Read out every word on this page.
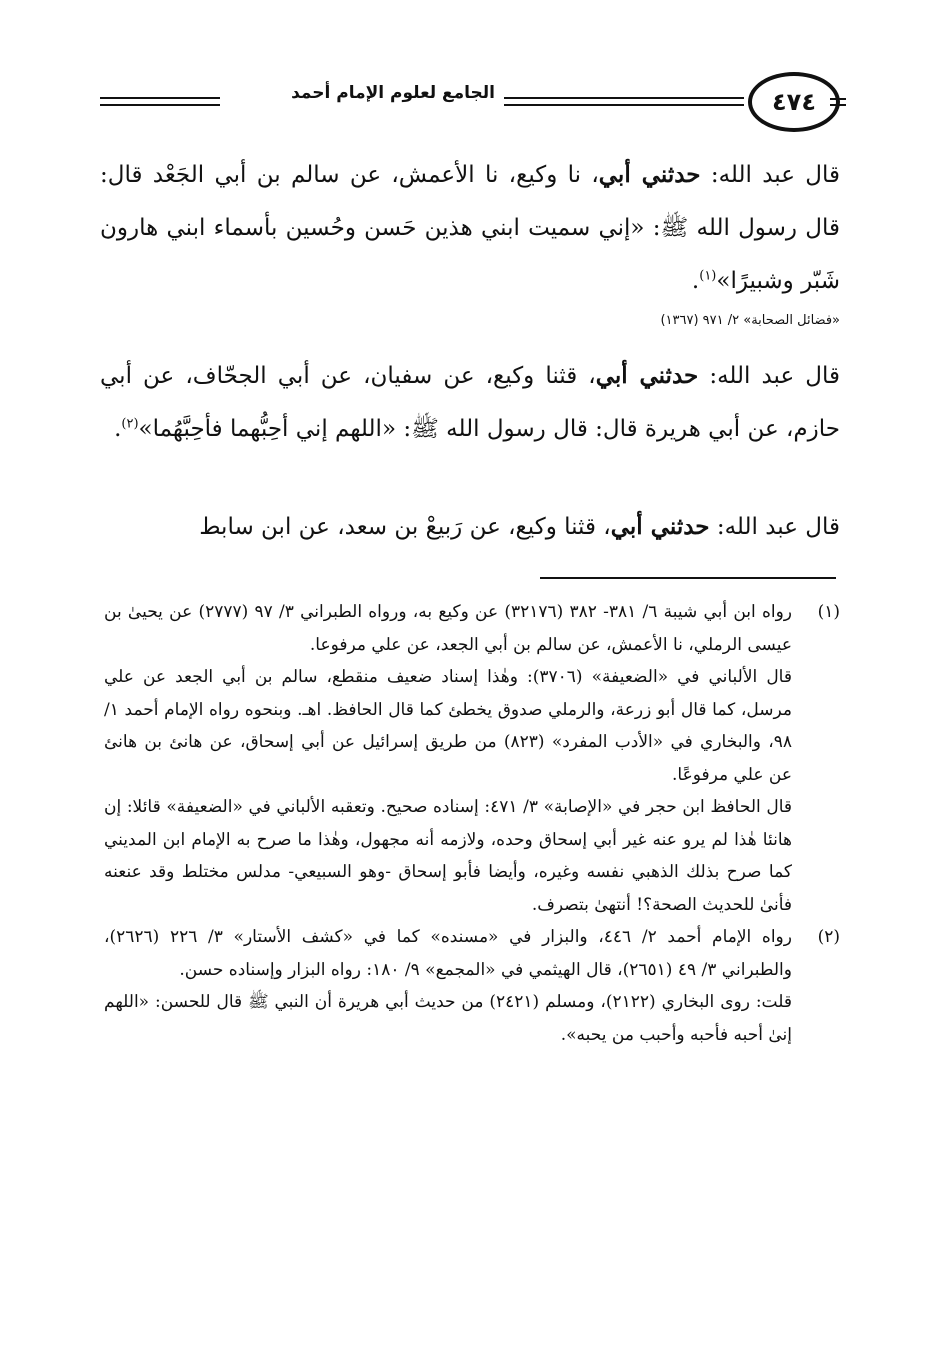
٤٧٤
الجامع لعلوم الإمام أحمد

قال عبد الله: حدثني أبي، نا وكيع، نا الأعمش، عن سالم بن أبي الجَعْد قال: قال رسول الله ﷺ: «إني سميت ابني هذين حَسن وحُسين بأسماء ابني هارون شَبّر وشبيرًا»$^{(١)}$.

«فضائل الصحابة» ٢/ ٩٧١ (١٣٦٧)

قال عبد الله: حدثني أبي، قثنا وكيع، عن سفيان، عن أبي الجحّاف، عن أبي حازم، عن أبي هريرة قال: قال رسول الله ﷺ: «اللهم إني أحِبُّهما فأحِبَّهُما»$^{(٢)}$.

قال عبد الله: حدثني أبي، قثنا وكيع، عن رَبيعْ بن سعد، عن ابن سابط

(١)

رواه ابن أبي شيبة ٦/ ٣٨١- ٣٨٢ (٣٢١٧٦) عن وكيع به، ورواه الطبراني ٣/ ٩٧ (٢٧٧٧) عن يحيىٰ بن عيسى الرملي، نا الأعمش، عن سالم بن أبي الجعد، عن علي مرفوعا.

قال الألباني في «الضعيفة» (٣٧٠٦): وهٰذا إسناد ضعيف منقطع، سالم بن أبي الجعد عن علي مرسل، كما قال أبو زرعة، والرملي صدوق يخطئ كما قال الحافظ. اهـ. وبنحوه رواه الإمام أحمد ١/ ٩٨، والبخاري في «الأدب المفرد» (٨٢٣) من طريق إسرائيل عن أبي إسحاق، عن هانئ بن هانئ عن علي مرفوعًا.

قال الحافظ ابن حجر في «الإصابة» ٣/ ٤٧١: إسناده صحيح. وتعقبه الألباني في «الضعيفة» قائلا: إن هانئا هٰذا لم يرو عنه غير أبي إسحاق وحده، ولازمه أنه مجهول، وهٰذا ما صرح به الإمام ابن المديني كما صرح بذلك الذهبي نفسه وغيره، وأيضا فأبو إسحاق -وهو السبيعي- مدلس مختلط وقد عنعنه فأنىٰ للحديث الصحة؟! أنتهىٰ بتصرف.

(٢)

رواه الإمام أحمد ٢/ ٤٤٦، والبزار في «مسنده» كما في «كشف الأستار» ٣/ ٢٢٦ (٢٦٢٦)، والطبراني ٣/ ٤٩ (٢٦٥١)، قال الهيثمي في «المجمع» ٩/ ١٨٠: رواه البزار وإسناده حسن.

قلت: روى البخاري (٢١٢٢)، ومسلم (٢٤٢١) من حديث أبي هريرة أن النبي ﷺ قال للحسن: «اللهم إنىٰ أحبه فأحبه وأحبب من يحبه».
